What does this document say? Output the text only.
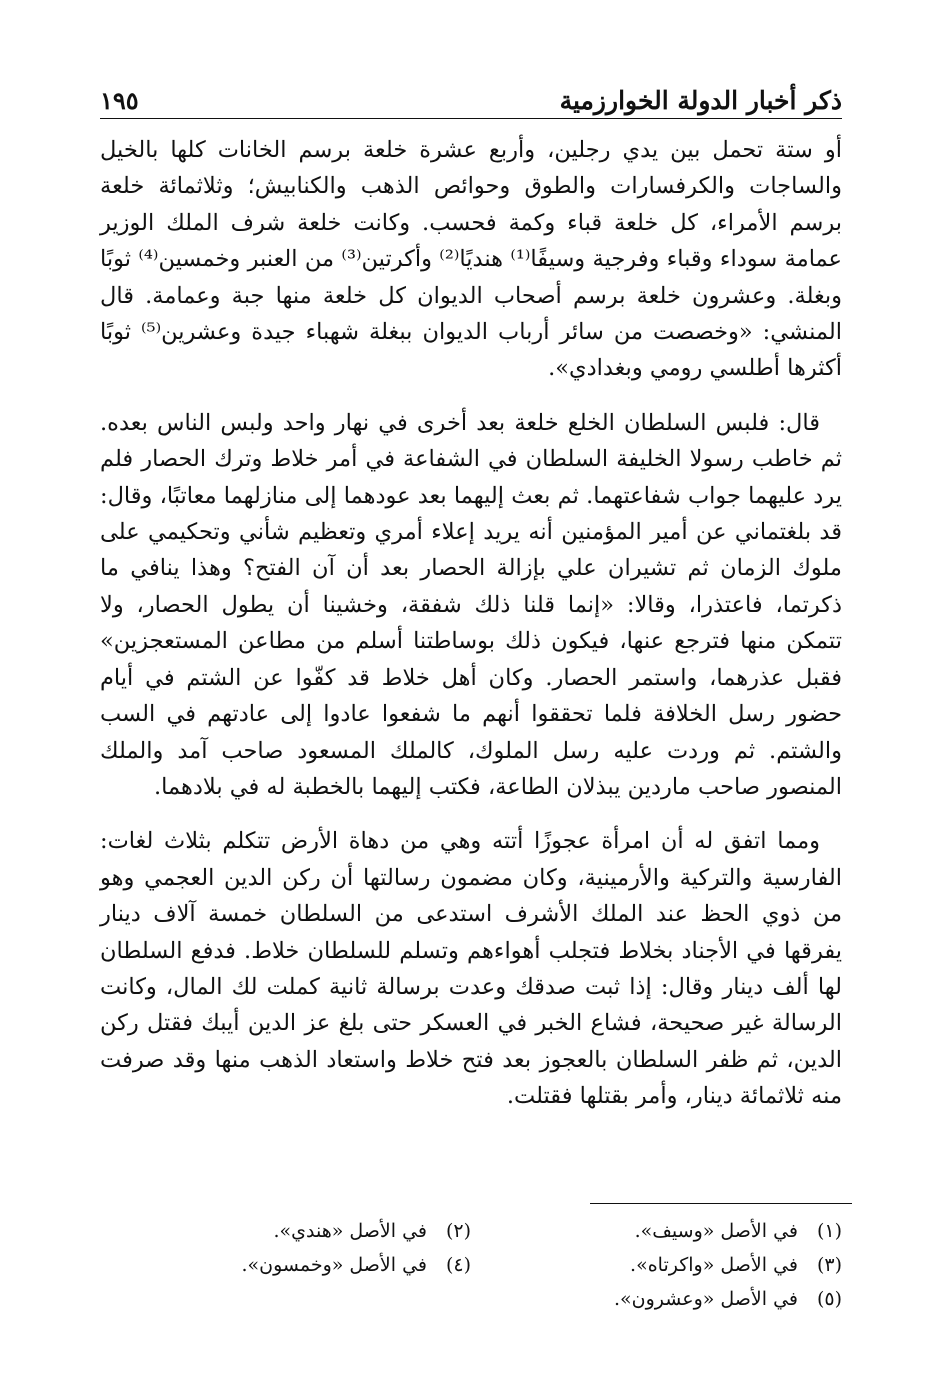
ذكر أخبار الدولة الخوارزمية
١٩٥

أو ستة تحمل بين يدي رجلين، وأربع عشرة خلعة برسم الخانات كلها بالخيل والساجات والكرفسارات والطوق وحوائص الذهب والكنابيش؛ وثلاثمائة خلعة برسم الأمراء، كل خلعة قباء وكمة فحسب. وكانت خلعة شرف الملك الوزير عمامة سوداء وقباء وفرجية وسيفًا⁽¹⁾ هنديًا⁽²⁾ وأكرتين⁽³⁾ من العنبر وخمسين⁽⁴⁾ ثوبًا وبغلة. وعشرون خلعة برسم أصحاب الديوان كل خلعة منها جبة وعمامة. قال المنشي: «وخصصت من سائر أرباب الديوان ببغلة شهباء جيدة وعشرين⁽⁵⁾ ثوبًا أكثرها أطلسي رومي وبغدادي».

قال: فلبس السلطان الخلع خلعة بعد أخرى في نهار واحد ولبس الناس بعده. ثم خاطب رسولا الخليفة السلطان في الشفاعة في أمر خلاط وترك الحصار فلم يرد عليهما جواب شفاعتهما. ثم بعث إليهما بعد عودهما إلى منازلهما معاتبًا، وقال: قد بلغتماني عن أمير المؤمنين أنه يريد إعلاء أمري وتعظيم شأني وتحكيمي على ملوك الزمان ثم تشيران علي بإزالة الحصار بعد أن آن الفتح؟ وهذا ينافي ما ذكرتما، فاعتذرا، وقالا: «إنما قلنا ذلك شفقة، وخشينا أن يطول الحصار، ولا تتمكن منها فترجع عنها، فيكون ذلك بوساطتنا أسلم من مطاعن المستعجزين» فقبل عذرهما، واستمر الحصار. وكان أهل خلاط قد كفّوا عن الشتم في أيام حضور رسل الخلافة فلما تحققوا أنهم ما شفعوا عادوا إلى عادتهم في السب والشتم. ثم وردت عليه رسل الملوك، كالملك المسعود صاحب آمد والملك المنصور صاحب ماردين يبذلان الطاعة، فكتب إليهما بالخطبة له في بلادهما.

ومما اتفق له أن امرأة عجوزًا أتته وهي من دهاة الأرض تتكلم بثلاث لغات: الفارسية والتركية والأرمينية، وكان مضمون رسالتها أن ركن الدين العجمي وهو من ذوي الحظ عند الملك الأشرف استدعى من السلطان خمسة آلاف دينار يفرقها في الأجناد بخلاط فتجلب أهواءهم وتسلم للسلطان خلاط. فدفع السلطان لها ألف دينار وقال: إذا ثبت صدقك وعدت برسالة ثانية كملت لك المال، وكانت الرسالة غير صحيحة، فشاع الخبر في العسكر حتى بلغ عز الدين أيبك فقتل ركن الدين، ثم ظفر السلطان بالعجوز بعد فتح خلاط واستعاد الذهب منها وقد صرفت منه ثلاثمائة دينار، وأمر بقتلها فقتلت.

(١)
في الأصل «وسيف».
(٢)
في الأصل «هندي».
(٣)
في الأصل «واكرتاه».
(٤)
في الأصل «وخمسون».
(٥)
في الأصل «وعشرون».
